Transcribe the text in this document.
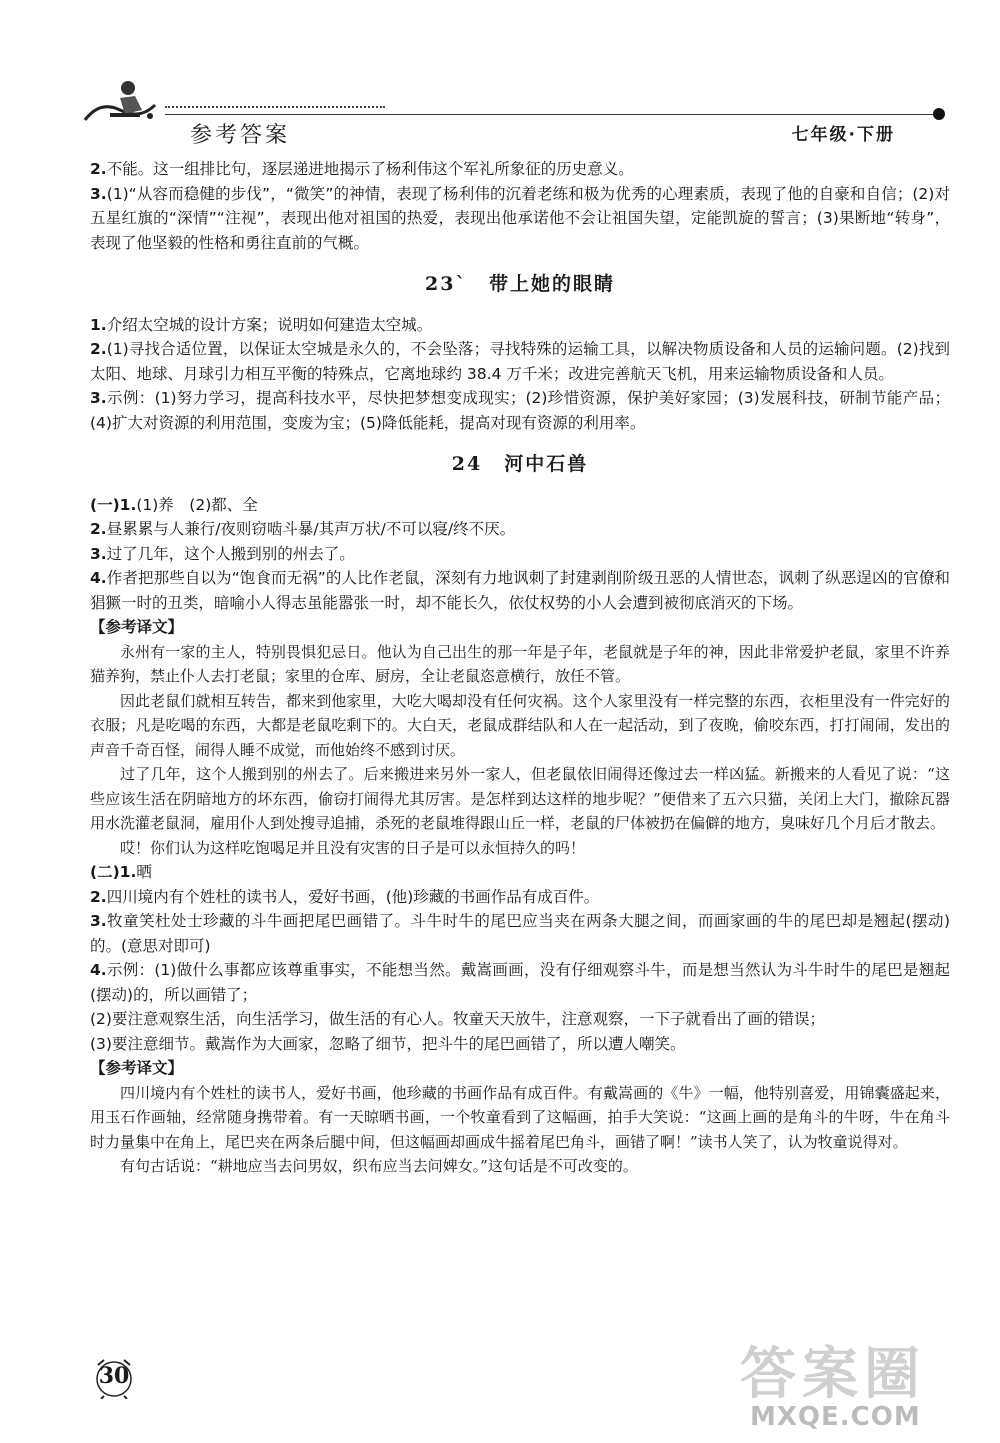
参考答案	七年级·下册

2.不能。这一组排比句，逐层递进地揭示了杨利伟这个军礼所象征的历史意义。

3.(1)“从容而稳健的步伐”，“微笑”的神情，表现了杨利伟的沉着老练和极为优秀的心理素质，表现了他的自豪和自信；(2)对五星红旗的“深情”“注视”，表现出他对祖国的热爱，表现出他承诺他不会让祖国失望，定能凯旋的誓言；(3)果断地“转身”，表现了他坚毅的性格和勇往直前的气概。

23` 带上她的眼睛

1.介绍太空城的设计方案；说明如何建造太空城。

2.(1)寻找合适位置，以保证太空城是永久的，不会坠落；寻找特殊的运输工具，以解决物质设备和人员的运输问题。(2)找到太阳、地球、月球引力相互平衡的特殊点，它离地球约 38.4 万千米；改进完善航天飞机，用来运输物质设备和人员。

3.示例：(1)努力学习，提高科技水平，尽快把梦想变成现实；(2)珍惜资源，保护美好家园；(3)发展科技，研制节能产品；(4)扩大对资源的利用范围，变废为宝；(5)降低能耗，提高对现有资源的利用率。

24 河中石兽

(一)1.(1)养　(2)都、全

2.昼累累与人兼行/夜则窃啮斗暴/其声万状/不可以寝/终不厌。

3.过了几年，这个人搬到别的州去了。

4.作者把那些自以为“饱食而无祸”的人比作老鼠，深刻有力地讽刺了封建剥削阶级丑恶的人情世态，讽刺了纵恶逞凶的官僚和猖獗一时的丑类，暗喻小人得志虽能嚣张一时，却不能长久，依仗权势的小人会遭到被彻底消灭的下场。

【参考译文】

永州有一家的主人，特别畏惧犯忌日。他认为自己出生的那一年是子年，老鼠就是子年的神，因此非常爱护老鼠，家里不许养猫养狗，禁止仆人去打老鼠；家里的仓库、厨房，全让老鼠恣意横行，放任不管。

因此老鼠们就相互转告，都来到他家里，大吃大喝却没有任何灾祸。这个人家里没有一样完整的东西，衣柜里没有一件完好的衣服；凡是吃喝的东西，大都是老鼠吃剩下的。大白天，老鼠成群结队和人在一起活动，到了夜晚，偷咬东西，打打闹闹，发出的声音千奇百怪，闹得人睡不成觉，而他始终不感到讨厌。

过了几年，这个人搬到别的州去了。后来搬进来另外一家人，但老鼠依旧闹得还像过去一样凶猛。新搬来的人看见了说：“这些应该生活在阴暗地方的坏东西，偷窃打闹得尤其厉害。是怎样到达这样的地步呢？”便借来了五六只猫，关闭上大门，撤除瓦器用水洗灌老鼠洞，雇用仆人到处搜寻追捕，杀死的老鼠堆得跟山丘一样，老鼠的尸体被扔在偏僻的地方，臭味好几个月后才散去。

哎！你们认为这样吃饱喝足并且没有灾害的日子是可以永恒持久的吗！

(二)1.晒

2.四川境内有个姓杜的读书人，爱好书画，(他)珍藏的书画作品有成百件。

3.牧童笑杜处士珍藏的斗牛画把尾巴画错了。斗牛时牛的尾巴应当夹在两条大腿之间，而画家画的牛的尾巴却是翘起(摆动)的。(意思对即可)

4.示例：(1)做什么事都应该尊重事实，不能想当然。戴嵩画画，没有仔细观察斗牛，而是想当然认为斗牛时牛的尾巴是翘起(摆动)的，所以画错了；

(2)要注意观察生活，向生活学习，做生活的有心人。牧童天天放牛，注意观察，一下子就看出了画的错误；

(3)要注意细节。戴嵩作为大画家，忽略了细节，把斗牛的尾巴画错了，所以遭人嘲笑。

【参考译文】

四川境内有个姓杜的读书人，爱好书画，他珍藏的书画作品有成百件。有戴嵩画的《牛》一幅，他特别喜爱，用锦囊盛起来，用玉石作画轴，经常随身携带着。有一天晾晒书画，一个牧童看到了这幅画，拍手大笑说：“这画上画的是角斗的牛呀，牛在角斗时力量集中在角上，尾巴夹在两条后腿中间，但这幅画却画成牛摇着尾巴角斗，画错了啊！”读书人笑了，认为牧童说得对。

有句古话说：“耕地应当去问男奴，织布应当去问婢女。”这句话是不可改变的。

30	答案圈
MXQE.COM
